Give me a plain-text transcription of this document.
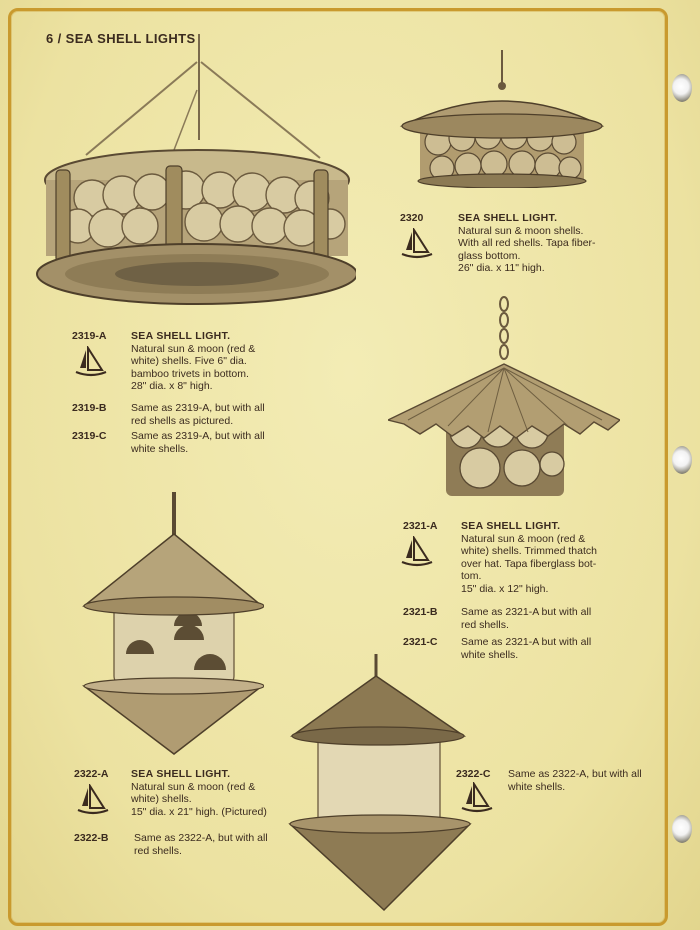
6 / SEA SHELL LIGHTS
2319-A SEA SHELL LIGHT.
Natural sun & moon (red &
white) shells. Five 6" dia.
bamboo trivets in bottom.
28" dia. x 8" high.
2319-B Same as 2319-A, but with all
red shells as pictured.
2319-C Same as 2319-A, but with all
white shells.
2320	SEA SHELL LIGHT.
Natural sun & moon shells.
With all red shells. Tapa fiber-
glass bottom.
26" dia. x 11" high.
2321-A SEA SHELL LIGHT.
Natural sun & moon (red &
white) shells. Trimmed thatch
over hat. Tapa fiberglass bot-
tom.
15" dia. x 12" high.
2321-B Same as 2321-A but with all
red shells.
2321-C Same as 2321-A but with all
white shells.
2322-A SEA SHELL LIGHT.
Natural sun & moon (red &
white) shells.
15" dia. x 21" high. (Pictured)
2322-B Same as 2322-A, but with all
red shells.
2322-C Same as 2322-A, but with all
white shells.
